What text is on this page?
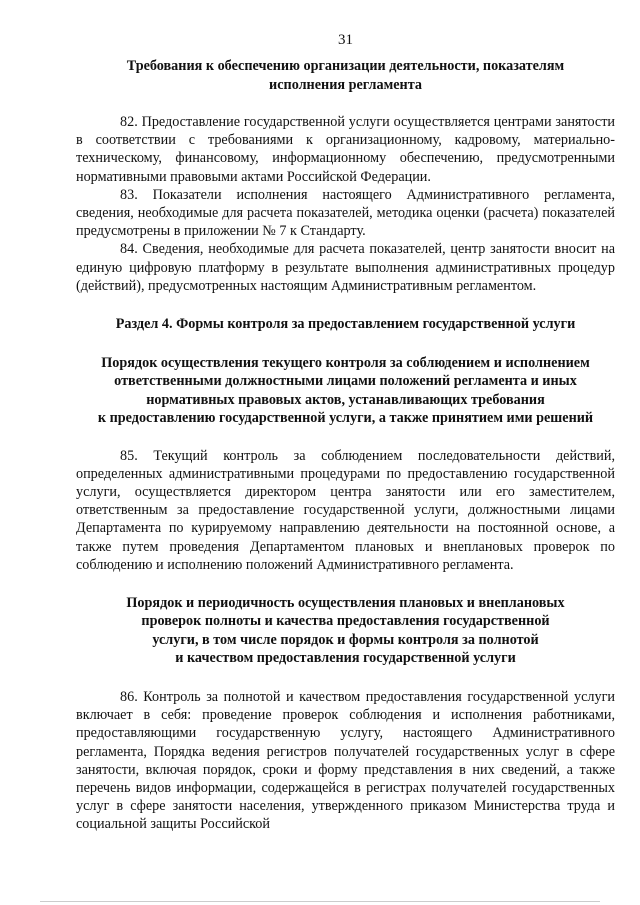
31

Требования к обеспечению организации деятельности, показателям
исполнения регламента

82. Предоставление государственной услуги осуществляется центрами занятости в соответствии с требованиями к организационному, кадровому, материально-техническому, финансовому, информационному обеспечению, предусмотренными нормативными правовыми актами Российской Федерации.

83. Показатели исполнения настоящего Административного регламента, сведения, необходимые для расчета показателей, методика оценки (расчета) показателей предусмотрены в приложении № 7 к Стандарту.

84. Сведения, необходимые для расчета показателей, центр занятости вносит на единую цифровую платформу в результате выполнения административных процедур (действий), предусмотренных настоящим Административным регламентом.

Раздел 4. Формы контроля за предоставлением государственной услуги
Порядок осуществления текущего контроля за соблюдением и исполнением
ответственными должностными лицами положений регламента и иных
нормативных правовых актов, устанавливающих требования
к предоставлению государственной услуги, а также принятием ими решений

85. Текущий контроль за соблюдением последовательности действий, определенных административными процедурами по предоставлению государственной услуги, осуществляется директором центра занятости или его заместителем, ответственным за предоставление государственной услуги, должностными лицами Департамента по курируемому направлению деятельности на постоянной основе, а также путем проведения Департаментом плановых и внеплановых проверок по соблюдению и исполнению положений Административного регламента.

Порядок и периодичность осуществления плановых и внеплановых
проверок полноты и качества предоставления государственной
услуги, в том числе порядок и формы контроля за полнотой
и качеством предоставления государственной услуги

86. Контроль за полнотой и качеством предоставления государственной услуги включает в себя: проведение проверок соблюдения и исполнения работниками, предоставляющими государственную услугу, настоящего Административного регламента, Порядка ведения регистров получателей государственных услуг в сфере занятости, включая порядок, сроки и форму представления в них сведений, а также перечень видов информации, содержащейся в регистрах получателей государственных услуг в сфере занятости населения, утвержденного приказом Министерства труда и социальной защиты Российской
